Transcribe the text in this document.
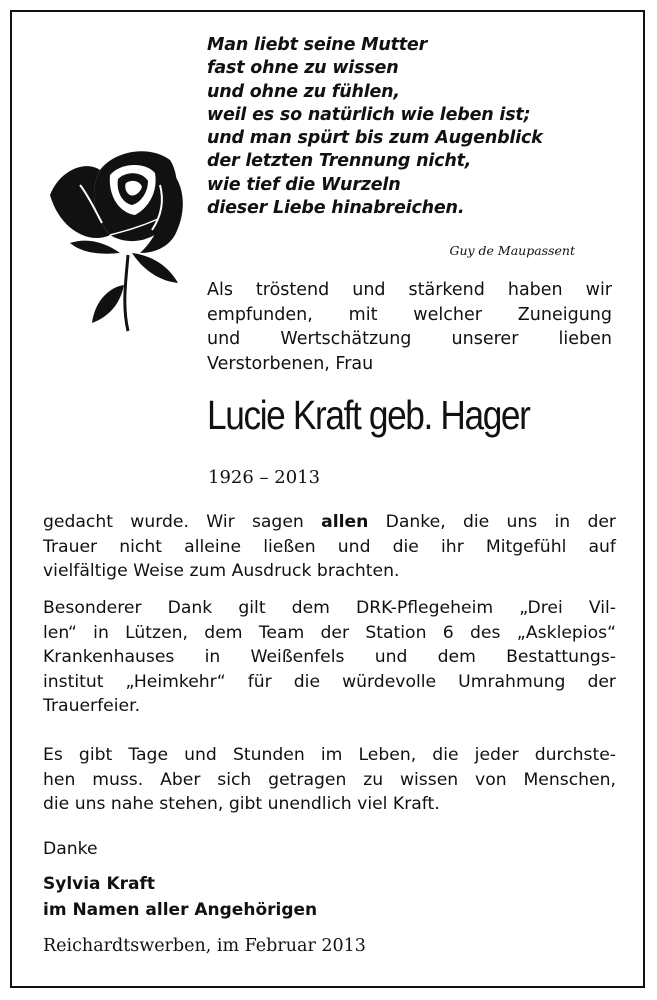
Man liebt seine Mutter
fast ohne zu wissen
und ohne zu fühlen,
weil es so natürlich wie leben ist;
und man spürt bis zum Augenblick
der letzten Trennung nicht,
wie tief die Wurzeln
dieser Liebe hinabreichen.
Guy de Maupassent
Als tröstend und stärkend haben wir
empfunden, mit welcher Zuneigung
und Wertschätzung unserer lieben
Verstorbenen, Frau
Lucie Kraft geb. Hager
1926 – 2013
gedacht wurde. Wir sagen allen Danke, die uns in der
Trauer nicht alleine ließen und die ihr Mitgefühl auf
vielfältige Weise zum Ausdruck brachten.
Besonderer Dank gilt dem DRK-Pflegeheim „Drei Vil-
len“ in Lützen, dem Team der Station 6 des „Asklepios“
Krankenhauses in Weißenfels und dem Bestattungs-
institut „Heimkehr“ für die würdevolle Umrahmung der
Trauerfeier.
Es gibt Tage und Stunden im Leben, die jeder durchste-
hen muss. Aber sich getragen zu wissen von Menschen,
die uns nahe stehen, gibt unendlich viel Kraft.
Danke
Sylvia Kraft
im Namen aller Angehörigen
Reichardtswerben, im Februar 2013
